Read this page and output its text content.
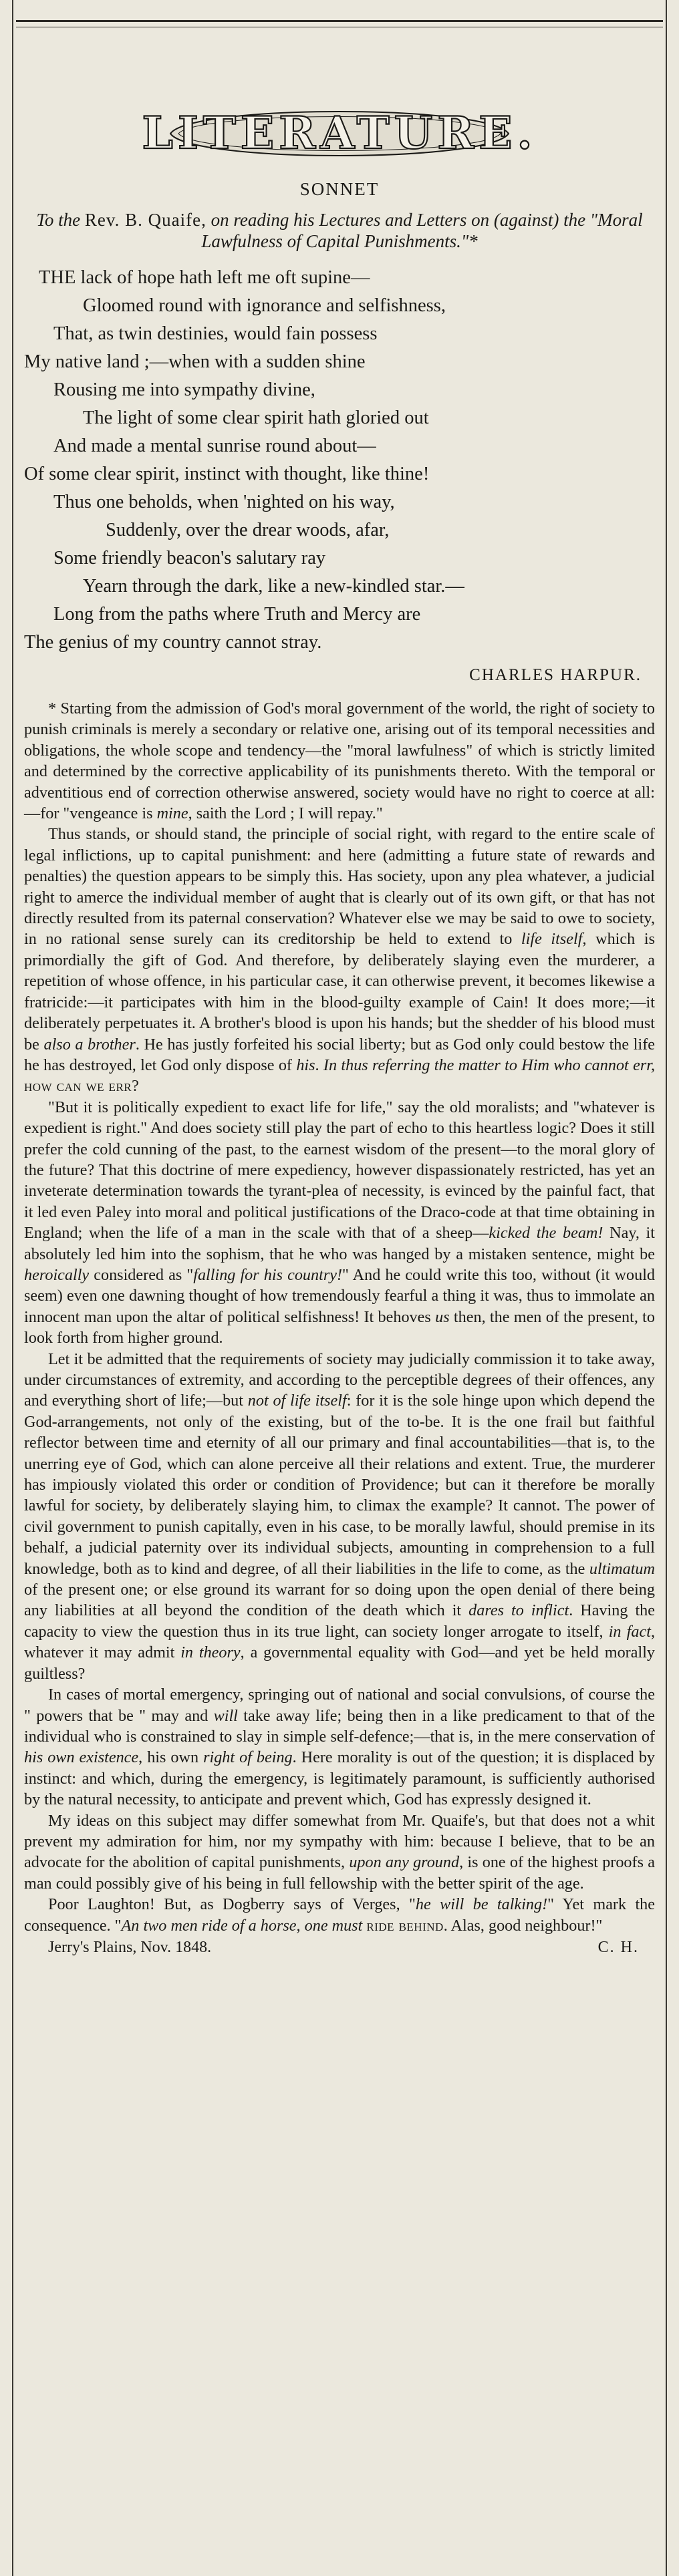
LITERATURE.
SONNET
To the Rev. B. Quaife, on reading his Lectures and Letters on (against) the "Moral Lawfulness of Capital Punishments."*
THE lack of hope hath left me oft supine—
Gloomed round with ignorance and selfishness,
That, as twin destinies, would fain possess
My native land ;—when with a sudden shine
Rousing me into sympathy divine,
The light of some clear spirit hath gloried out
And made a mental sunrise round about—
Of some clear spirit, instinct with thought, like thine!
Thus one beholds, when 'nighted on his way,
Suddenly, over the drear woods, afar,
Some friendly beacon's salutary ray
Yearn through the dark, like a new-kindled star.—
Long from the paths where Truth and Mercy are
The genius of my country cannot stray.
CHARLES HARPUR.

* Starting from the admission of God's moral government of the world, the right of society to punish criminals is merely a secondary or relative one, arising out of its temporal necessities and obligations, the whole scope and tendency—the "moral lawfulness" of which is strictly limited and determined by the corrective applicability of its punishments thereto. With the temporal or adventitious end of correction otherwise answered, society would have no right to coerce at all:—for "vengeance is mine, saith the Lord ; I will repay."

Thus stands, or should stand, the principle of social right, with regard to the entire scale of legal inflictions, up to capital punishment: and here (admitting a future state of rewards and penalties) the question appears to be simply this. Has society, upon any plea whatever, a judicial right to amerce the individual member of aught that is clearly out of its own gift, or that has not directly resulted from its paternal conservation? Whatever else we may be said to owe to society, in no rational sense surely can its creditorship be held to extend to life itself, which is primordially the gift of God. And therefore, by deliberately slaying even the murderer, a repetition of whose offence, in his particular case, it can otherwise prevent, it becomes likewise a fratricide:—it participates with him in the blood-guilty example of Cain! It does more;—it deliberately perpetuates it. A brother's blood is upon his hands; but the shedder of his blood must be also a brother. He has justly forfeited his social liberty; but as God only could bestow the life he has destroyed, let God only dispose of his. In thus referring the matter to Him who cannot err, how can we err?

"But it is politically expedient to exact life for life," say the old moralists; and "whatever is expedient is right." And does society still play the part of echo to this heartless logic? Does it still prefer the cold cunning of the past, to the earnest wisdom of the present—to the moral glory of the future? That this doctrine of mere expediency, however dispassionately restricted, has yet an inveterate determination towards the tyrant-plea of necessity, is evinced by the painful fact, that it led even Paley into moral and political justifications of the Draco-code at that time obtaining in England; when the life of a man in the scale with that of a sheep—kicked the beam! Nay, it absolutely led him into the sophism, that he who was hanged by a mistaken sentence, might be heroically considered as "falling for his country!" And he could write this too, without (it would seem) even one dawning thought of how tremendously fearful a thing it was, thus to immolate an innocent man upon the altar of political selfishness! It behoves us then, the men of the present, to look forth from higher ground.

Let it be admitted that the requirements of society may judicially commission it to take away, under circumstances of extremity, and according to the perceptible degrees of their offences, any and everything short of life;—but not of life itself: for it is the sole hinge upon which depend the God-arrangements, not only of the existing, but of the to-be. It is the one frail but faithful reflector between time and eternity of all our primary and final accountabilities—that is, to the unerring eye of God, which can alone perceive all their relations and extent. True, the murderer has impiously violated this order or condition of Providence; but can it therefore be morally lawful for society, by deliberately slaying him, to climax the example? It cannot. The power of civil government to punish capitally, even in his case, to be morally lawful, should premise in its behalf, a judicial paternity over its individual subjects, amounting in comprehension to a full knowledge, both as to kind and degree, of all their liabilities in the life to come, as the ultimatum of the present one; or else ground its warrant for so doing upon the open denial of there being any liabilities at all beyond the condition of the death which it dares to inflict. Having the capacity to view the question thus in its true light, can society longer arrogate to itself, in fact, whatever it may admit in theory, a governmental equality with God—and yet be held morally guiltless?

In cases of mortal emergency, springing out of national and social convulsions, of course the " powers that be " may and will take away life; being then in a like predicament to that of the individual who is constrained to slay in simple self-defence;—that is, in the mere conservation of his own existence, his own right of being. Here morality is out of the question; it is displaced by instinct: and which, during the emergency, is legitimately paramount, is sufficiently authorised by the natural necessity, to anticipate and prevent which, God has expressly designed it.

My ideas on this subject may differ somewhat from Mr. Quaife's, but that does not a whit prevent my admiration for him, nor my sympathy with him: because I believe, that to be an advocate for the abolition of capital punishments, upon any ground, is one of the highest proofs a man could possibly give of his being in full fellowship with the better spirit of the age.

Poor Laughton! But, as Dogberry says of Verges, "he will be talking!" Yet mark the consequence. "An two men ride of a horse, one must ride behind. Alas, good neighbour!"

Jerry's Plains, Nov. 1848.	C. H.
